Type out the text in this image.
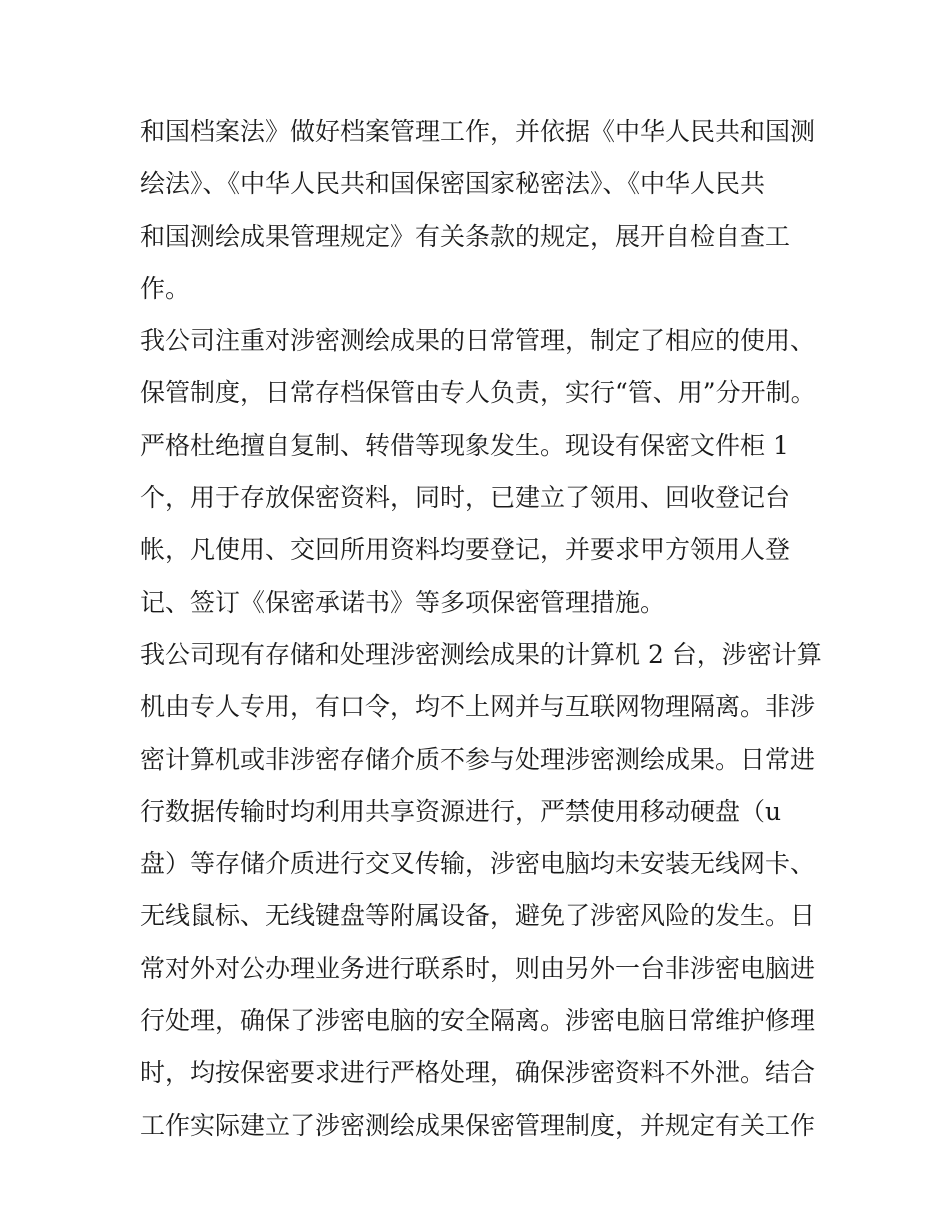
和国档案法》做好档案管理工作，并依据《中华人民共和国测
绘法》、《中华人民共和国保密国家秘密法》、《中华人民共
和国测绘成果管理规定》有关条款的规定，展开自检自查工
作。
我公司注重对涉密测绘成果的日常管理，制定了相应的使用、
保管制度，日常存档保管由专人负责，实行“管、用”分开制。
严格杜绝擅自复制、转借等现象发生。现设有保密文件柜 1
个，用于存放保密资料，同时，已建立了领用、回收登记台
帐，凡使用、交回所用资料均要登记，并要求甲方领用人登
记、签订《保密承诺书》等多项保密管理措施。
我公司现有存储和处理涉密测绘成果的计算机 2 台，涉密计算
机由专人专用，有口令，均不上网并与互联网物理隔离。非涉
密计算机或非涉密存储介质不参与处理涉密测绘成果。日常进
行数据传输时均利用共享资源进行，严禁使用移动硬盘（u
盘）等存储介质进行交叉传输，涉密电脑均未安装无线网卡、
无线鼠标、无线键盘等附属设备，避免了涉密风险的发生。日
常对外对公办理业务进行联系时，则由另外一台非涉密电脑进
行处理，确保了涉密电脑的安全隔离。涉密电脑日常维护修理
时，均按保密要求进行严格处理，确保涉密资料不外泄。结合
工作实际建立了涉密测绘成果保密管理制度，并规定有关工作
